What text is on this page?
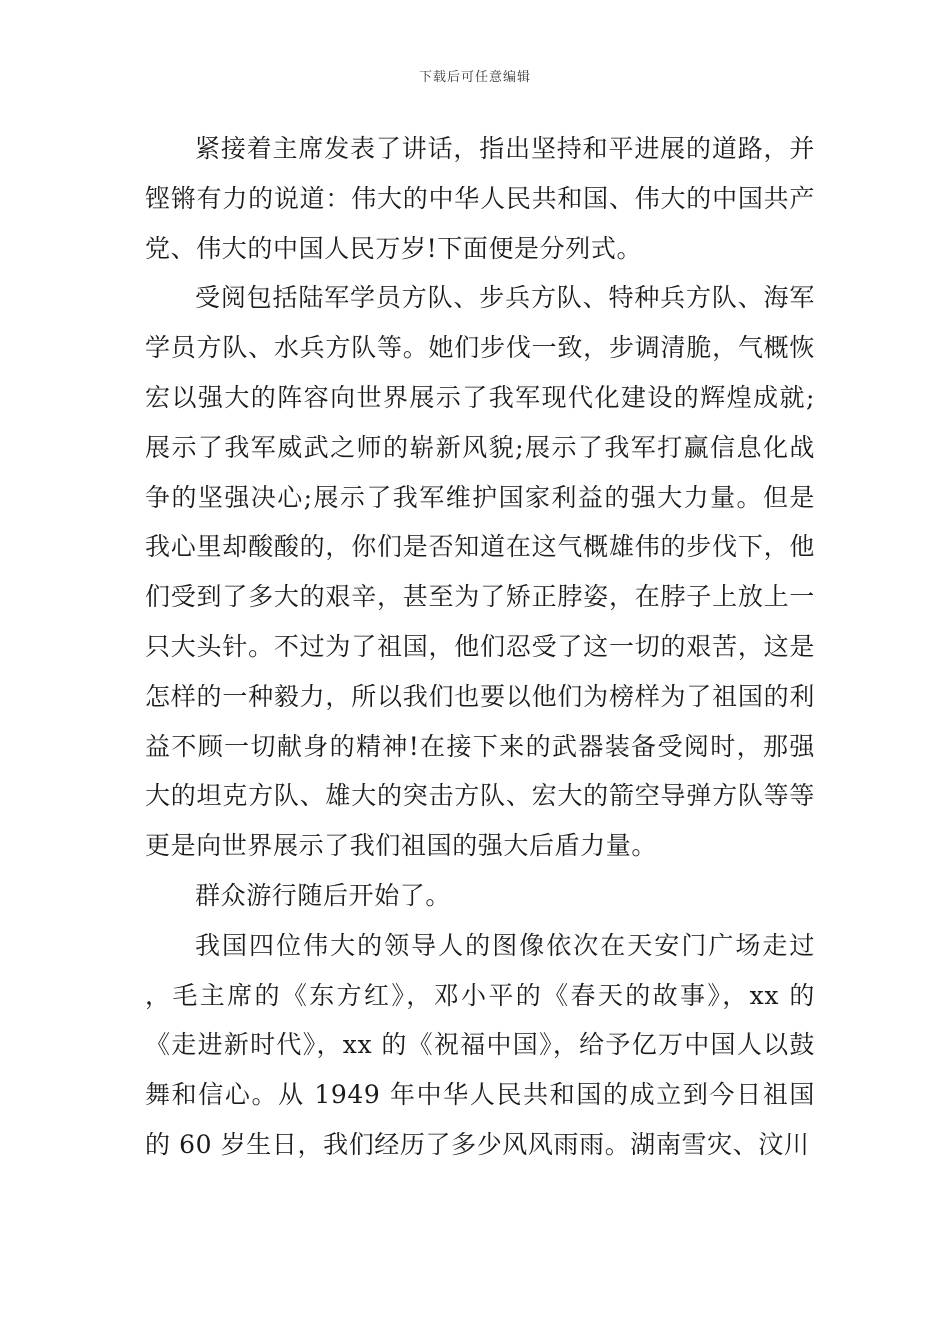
下载后可任意编辑

紧接着主席发表了讲话，指出坚持和平进展的道路，并铿锵有力的说道：伟大的中华人民共和国、伟大的中国共产党、伟大的中国人民万岁!下面便是分列式。

受阅包括陆军学员方队、步兵方队、特种兵方队、海军学员方队、水兵方队等。她们步伐一致，步调清脆，气概恢宏以强大的阵容向世界展示了我军现代化建设的辉煌成就;展示了我军威武之师的崭新风貌;展示了我军打赢信息化战争的坚强决心;展示了我军维护国家利益的强大力量。但是我心里却酸酸的，你们是否知道在这气概雄伟的步伐下，他们受到了多大的艰辛，甚至为了矫正脖姿，在脖子上放上一只大头针。不过为了祖国，他们忍受了这一切的艰苦，这是怎样的一种毅力，所以我们也要以他们为榜样为了祖国的利益不顾一切献身的精神!在接下来的武器装备受阅时，那强大的坦克方队、雄大的突击方队、宏大的箭空导弹方队等等更是向世界展示了我们祖国的强大后盾力量。

群众游行随后开始了。

我国四位伟大的领导人的图像依次在天安门广场走过 ，毛主席的《东方红》，邓小平的《春天的故事》，xx 的《走进新时代》，xx 的《祝福中国》，给予亿万中国人以鼓舞和信心。从 1949 年中华人民共和国的成立到今日祖国的 60 岁生日，我们经历了多少风风雨雨。湖南雪灾、汶川
